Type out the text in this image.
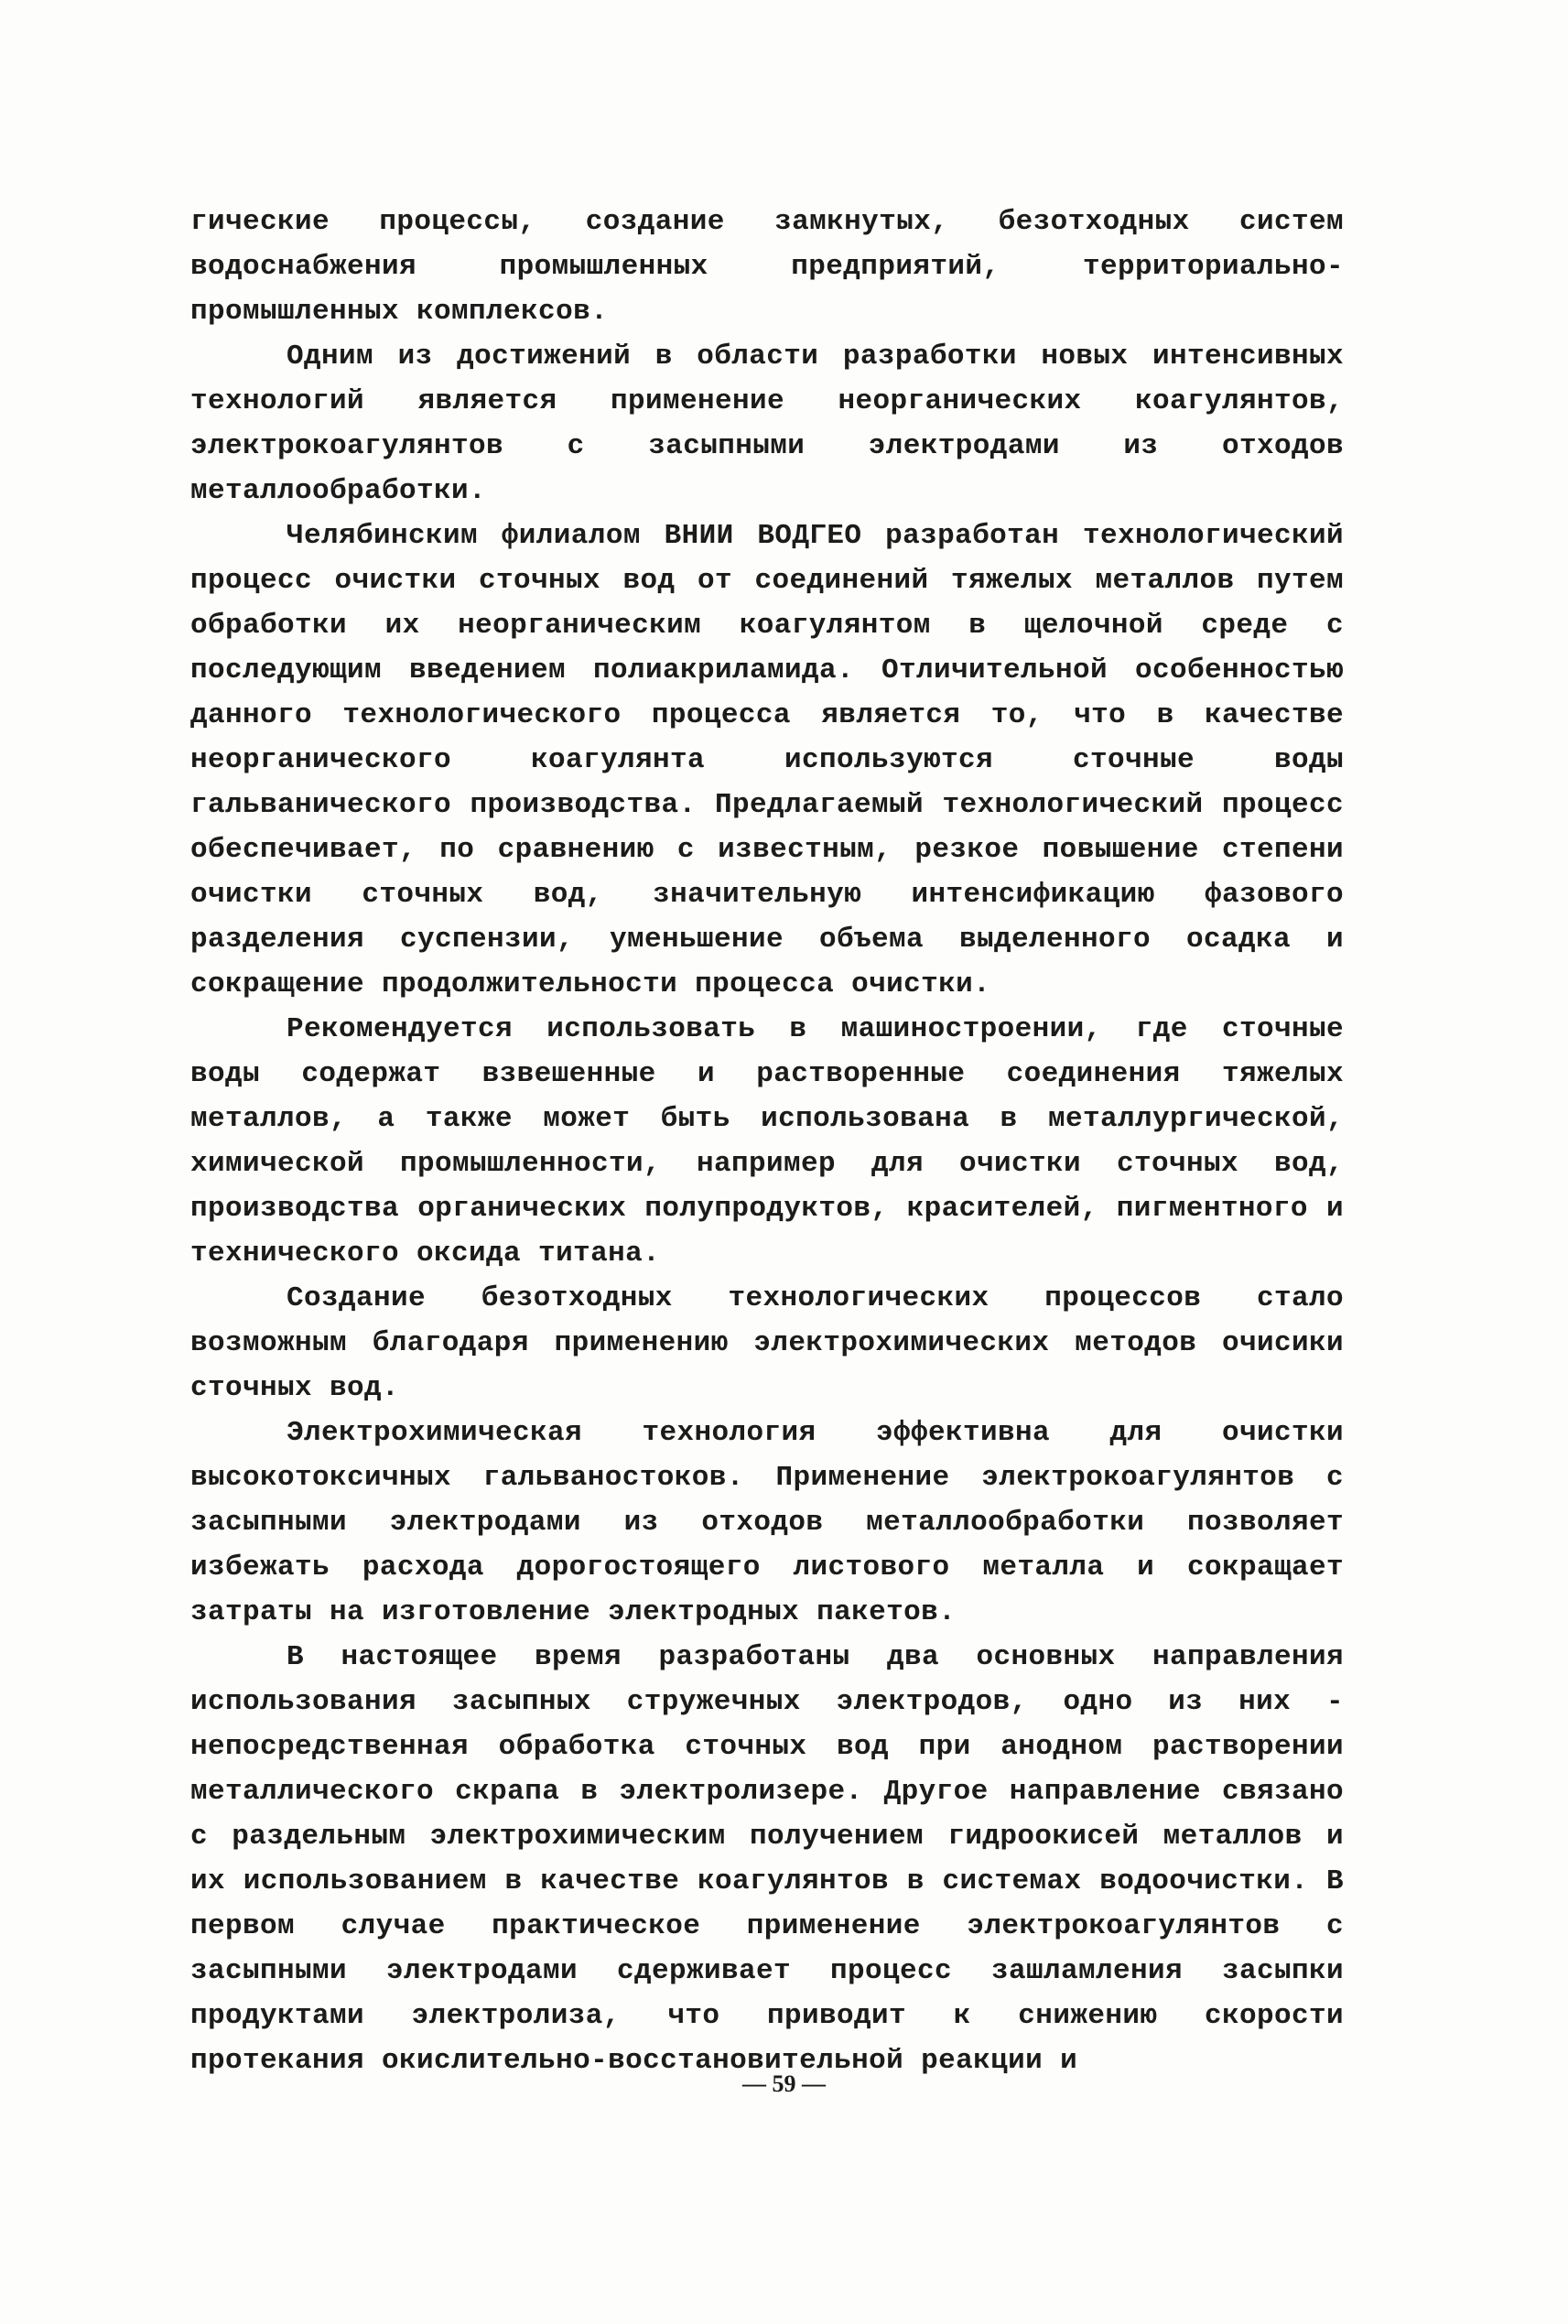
гические процессы, создание замкнутых, безотходных систем водоснабжения промышленных предприятий, территориально-промышленных комплексов.

Одним из достижений в области разработки новых интенсивных технологий является применение неорганических коагулянтов, электрокоагулянтов с засыпными электродами из отходов металлообработки.

Челябинским филиалом ВНИИ ВОДГЕО разработан технологический процесс очистки сточных вод от соединений тяжелых металлов путем обработки их неорганическим коагулянтом в щелочной среде с последующим введением полиакриламида. Отличительной особенностью данного технологического процесса является то, что в качестве неорганического коагулянта используются сточные воды гальванического производства. Предлагаемый технологический процесс обеспечивает, по сравнению с известным, резкое повышение степени очистки сточных вод, значительную интенсификацию фазового разделения суспензии, уменьшение объема выделенного осадка и сокращение продолжительности процесса очистки.

Рекомендуется использовать в машиностроении, где сточные воды содержат взвешенные и растворенные соединения тяжелых металлов, а также может быть использована в металлургической, химической промышленности, например для очистки сточных вод, производства органических полупродуктов, красителей, пигментного и технического оксида титана.

Создание безотходных технологических процессов стало возможным благодаря применению электрохимических методов очиcики сточных вод.

Электрохимическая технология эффективна для очистки высокотоксичных гальваностоков. Применение электрокоагулянтов с засыпными электродами из отходов металлообработки позволяет избежать расхода дорогостоящего листового металла и сокращает затраты на изготовление электродных пакетов.

В настоящее время разработаны два основных направления использования засыпных стружечных электродов, одно из них - непосредственная обработка сточных вод при анодном растворении металлического скрапа в электролизере. Другое направление связано с раздельным электрохимическим получением гидроокисей металлов и их использованием в качестве коагулянтов в системах водоочистки. В первом случае практическое применение электрокоагулянтов с засыпными электродами сдерживает процесс зашламления засыпки продуктами электролиза, что приводит к снижению скорости протекания окислительно-восстановительной реакции и

— 59 —
